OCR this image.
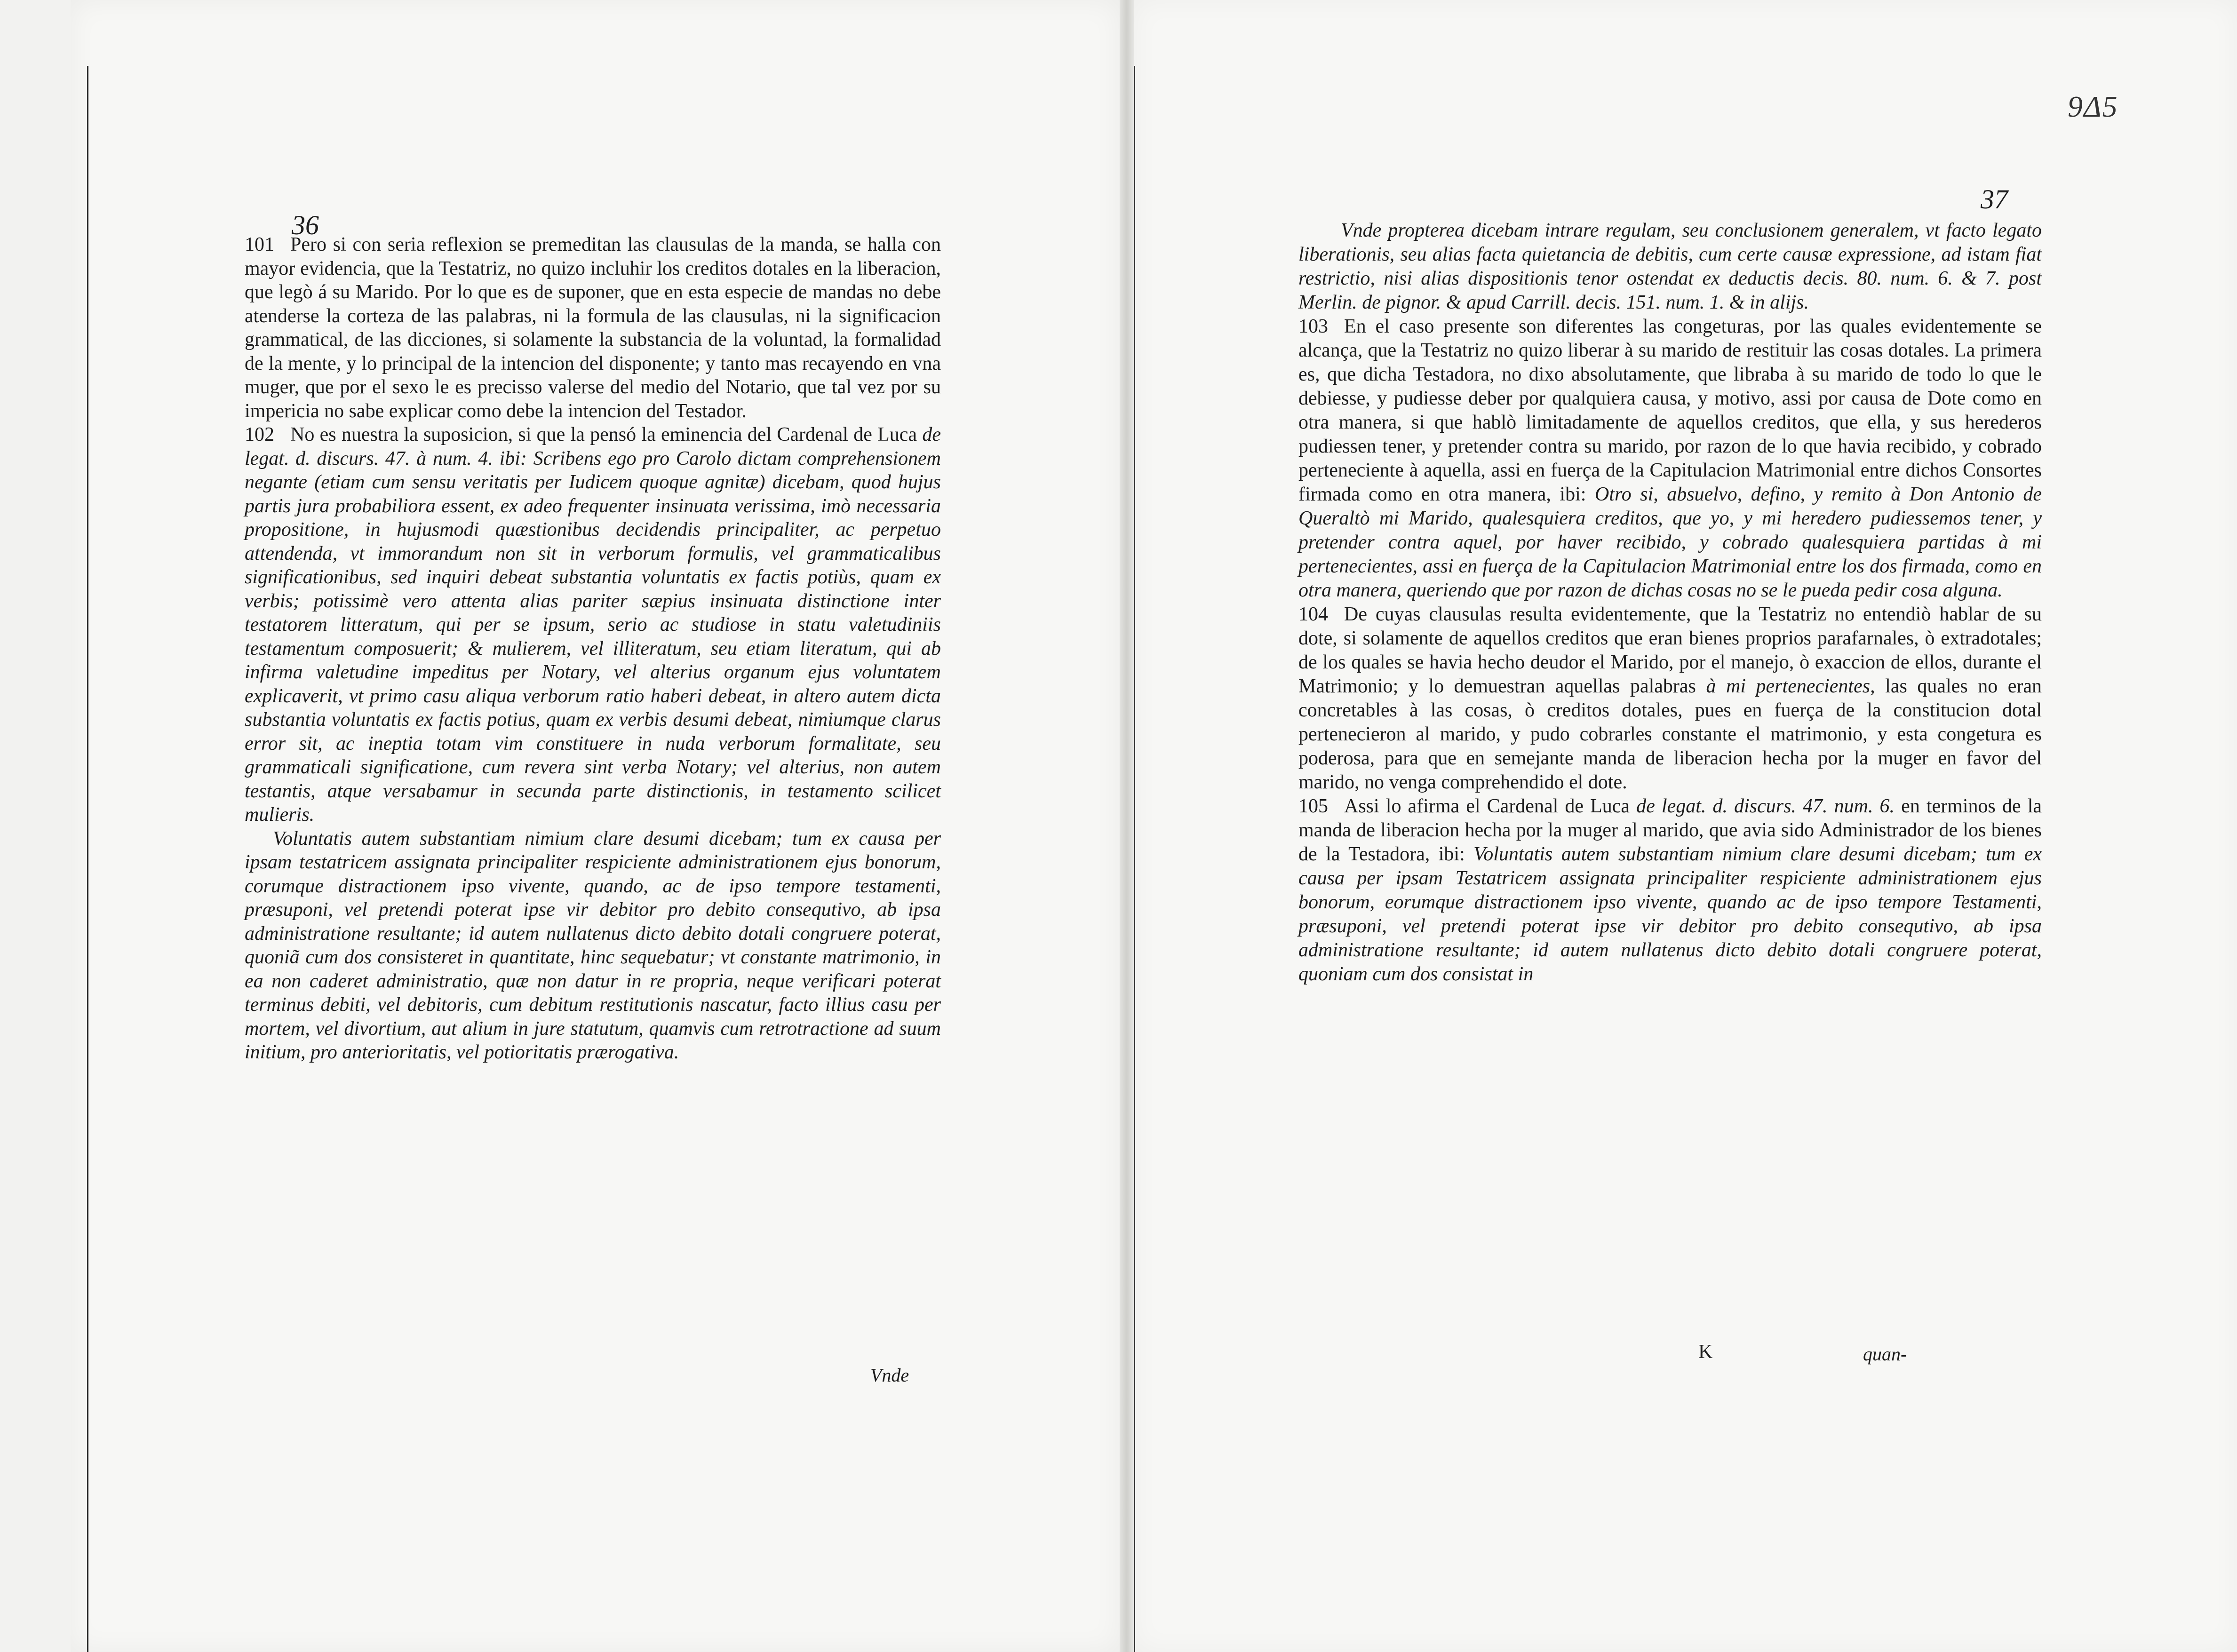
36

101 Pero si con seria reflexion se premeditan las clausulas de la manda, se halla con mayor evidencia, que la Testatriz, no quizo incluhir los creditos dotales en la liberacion, que legò á su Marido. Por lo que es de suponer, que en esta especie de mandas no debe atenderse la corteza de las palabras, ni la formula de las clausulas, ni la significacion grammatical, de las dicciones, si solamente la substancia de la voluntad, la formalidad de la mente, y lo principal de la intencion del disponente; y tanto mas recayendo en vna muger, que por el sexo le es precisso valerse del medio del Notario, que tal vez por su impericia no sabe explicar como debe la intencion del Testador.

102 No es nuestra la suposicion, si que la pensó la eminencia del Cardenal de Luca de legat. d. discurs. 47. à num. 4. ibi: Scribens ego pro Carolo dictam comprehensionem negante (etiam cum sensu veritatis per Iudicem quoque agnitæ) dicebam, quod hujus partis jura probabiliora essent, ex adeo frequenter insinuata verissima, imò necessaria propositione, in hujusmodi quæstionibus decidendis principaliter, ac perpetuo attendenda, vt immorandum non sit in verborum formulis, vel grammaticalibus significationibus, sed inquiri debeat substantia voluntatis ex factis potiùs, quam ex verbis; potissimè vero attenta alias pariter sæpius insinuata distinctione inter testatorem litteratum, qui per se ipsum, serio ac studiose in statu valetudiniis testamentum composuerit; & mulierem, vel illiteratum, seu etiam literatum, qui ab infirma valetudine impeditus per Notary, vel alterius organum ejus voluntatem explicaverit, vt primo casu aliqua verborum ratio haberi debeat, in altero autem dicta substantia voluntatis ex factis potius, quam ex verbis desumi debeat, nimiumque clarus error sit, ac ineptia totam vim constituere in nuda verborum formalitate, seu grammaticali significatione, cum revera sint verba Notary; vel alterius, non autem testantis, atque versabamur in secunda parte distinctionis, in testamento scilicet mulieris.

Voluntatis autem substantiam nimium clare desumi dicebam; tum ex causa per ipsam testatricem assignata principaliter respiciente administrationem ejus bonorum, corumque distractionem ipso vivente, quando, ac de ipso tempore testamenti, præsuponi, vel pretendi poterat ipse vir debitor pro debito consequtivo, ab ipsa administratione resultante; id autem nullatenus dicto debito dotali congruere poterat, quoniã cum dos consisteret in quantitate, hinc sequebatur; vt constante matrimonio, in ea non caderet administratio, quæ non datur in re propria, neque verificari poterat terminus debiti, vel debitoris, cum debitum restitutionis nascatur, facto illius casu per mortem, vel divortium, aut alium in jure statutum, quamvis cum retrotractione ad suum initium, pro anterioritatis, vel potioritatis prærogativa.

Vnde
9Δ5
37

Vnde propterea dicebam intrare regulam, seu conclusionem generalem, vt facto legato liberationis, seu alias facta quietancia de debitis, cum certe causæ expressione, ad istam fiat restrictio, nisi alias dispositionis tenor ostendat ex deductis decis. 80. num. 6. & 7. post Merlin. de pignor. & apud Carrill. decis. 151. num. 1. & in alijs.

103 En el caso presente son diferentes las congeturas, por las quales evidentemente se alcança, que la Testatriz no quizo liberar à su marido de restituir las cosas dotales. La primera es, que dicha Testadora, no dixo absolutamente, que libraba à su marido de todo lo que le debiesse, y pudiesse deber por qualquiera causa, y motivo, assi por causa de Dote como en otra manera, si que hablò limitadamente de aquellos creditos, que ella, y sus herederos pudiessen tener, y pretender contra su marido, por razon de lo que havia recibido, y cobrado perteneciente à aquella, assi en fuerça de la Capitulacion Matrimonial entre dichos Consortes firmada como en otra manera, ibi: Otro si, absuelvo, defino, y remito à Don Antonio de Queraltò mi Marido, qualesquiera creditos, que yo, y mi heredero pudiessemos tener, y pretender contra aquel, por haver recibido, y cobrado qualesquiera partidas à mi pertenecientes, assi en fuerça de la Capitulacion Matrimonial entre los dos firmada, como en otra manera, queriendo que por razon de dichas cosas no se le pueda pedir cosa alguna.

104 De cuyas clausulas resulta evidentemente, que la Testatriz no entendiò hablar de su dote, si solamente de aquellos creditos que eran bienes proprios parafarnales, ò extradotales; de los quales se havia hecho deudor el Marido, por el manejo, ò exaccion de ellos, durante el Matrimonio; y lo demuestran aquellas palabras à mi pertenecientes, las quales no eran concretables à las cosas, ò creditos dotales, pues en fuerça de la constitucion dotal pertenecieron al marido, y pudo cobrarles constante el matrimonio, y esta congetura es poderosa, para que en semejante manda de liberacion hecha por la muger en favor del marido, no venga comprehendido el dote.

105 Assi lo afirma el Cardenal de Luca de legat. d. discurs. 47. num. 6. en terminos de la manda de liberacion hecha por la muger al marido, que avia sido Administrador de los bienes de la Testadora, ibi: Voluntatis autem substantiam nimium clare desumi dicebam; tum ex causa per ipsam Testatricem assignata principaliter respiciente administrationem ejus bonorum, eorumque distractionem ipso vivente, quando ac de ipso tempore Testamenti, præsuponi, vel pretendi poterat ipse vir debitor pro debito consequtivo, ab ipsa administratione resultante; id autem nullatenus dicto debito dotali congruere poterat, quoniam cum dos consistat in

K	quan-
